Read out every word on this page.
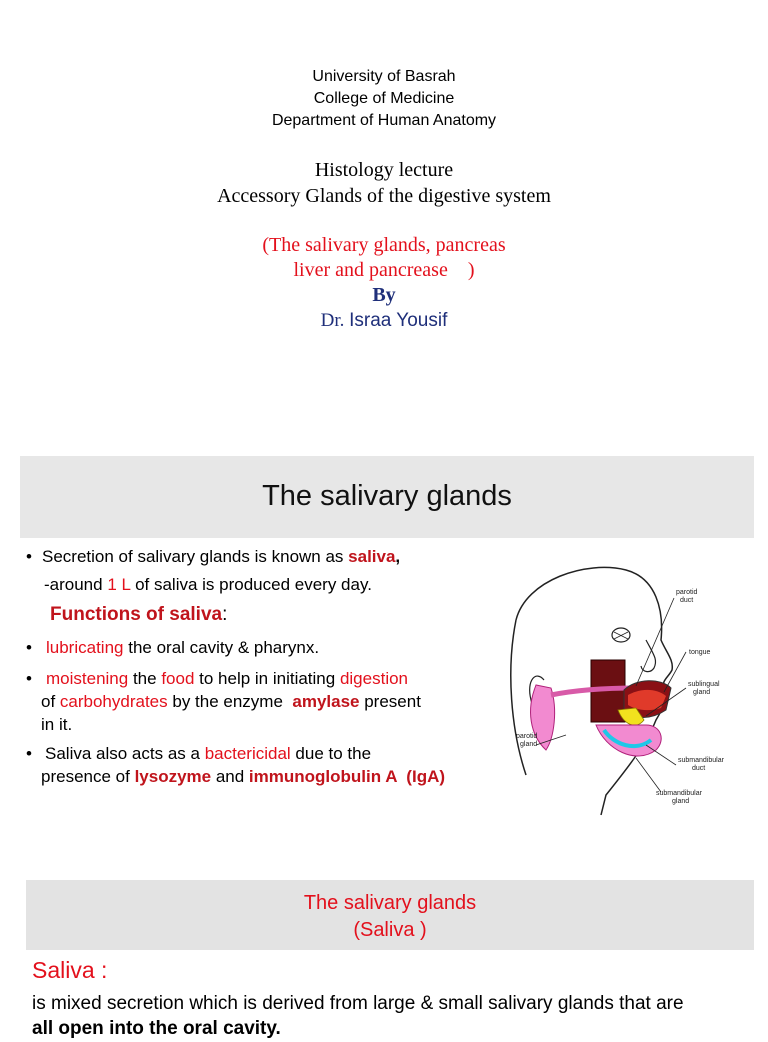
University of Basrah
College of Medicine
Department of Human Anatomy
Histology lecture
Accessory Glands of the digestive system
(The salivary glands, pancreas
liver and pancrease    )
By
Dr. Israa Yousif
The salivary glands
• Secretion of salivary glands is known as saliva,
-around 1 L of saliva is produced every day.
Functions of saliva:
• lubricating the oral cavity & pharynx.
• moistening the food to help in initiating digestion
of carbohydrates by the enzyme  amylase present
in it.
• Saliva also acts as a bactericidal due to the
presence of lysozyme and immunoglobulin A  (IgA)
parotid
duct
tongue
sublingual
gland
parotid
gland
submandibular
duct
submandibular
gland
The salivary glands
(Saliva )
Saliva :
is mixed secretion which is derived from large & small salivary glands that are
all open into the oral cavity.
